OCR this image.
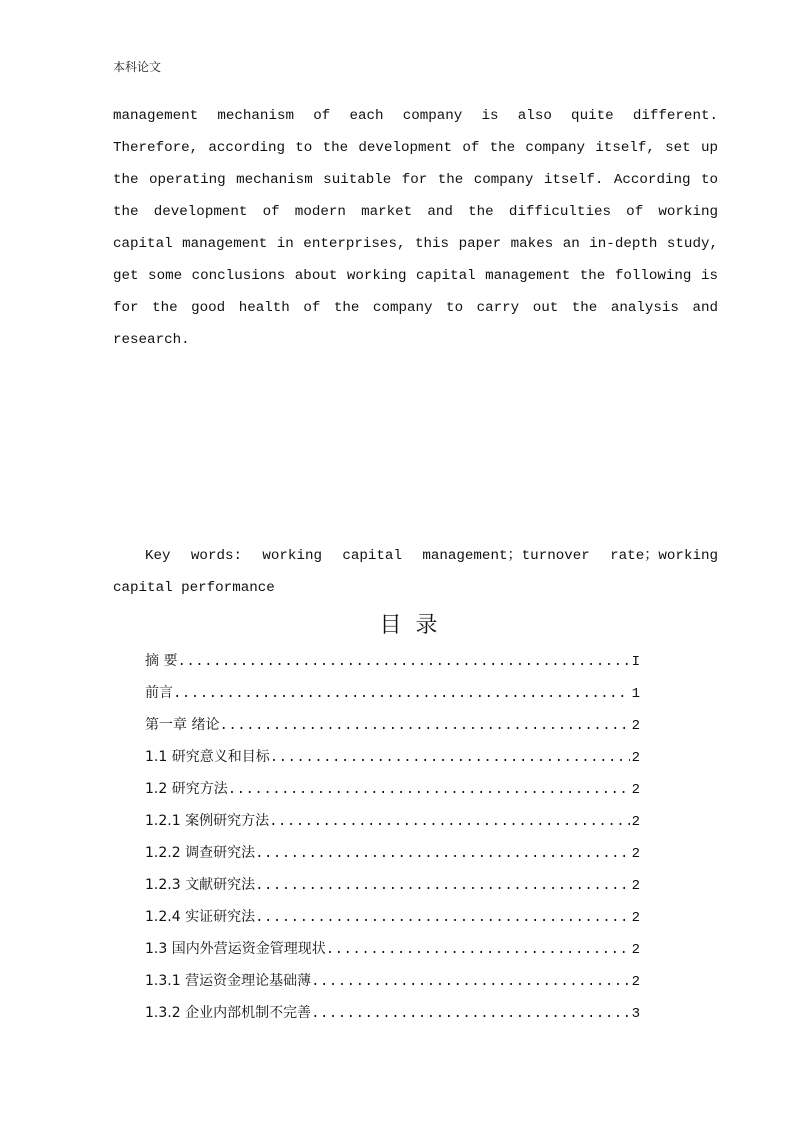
本科论文

management mechanism of each company is also quite different. Therefore, according to the development of the company itself, set up the operating mechanism suitable for the company itself. According to the development of modern market and the difficulties of working capital management in enterprises, this paper makes an in-depth study, get some conclusions about working capital management the following is for the good health of the company to carry out the analysis and research.

Key words: working capital management；turnover rate；working capital performance
目录
摘 要 .....	I
前言 .....	1
第一章 绪论 .....	2
1.1 研究意义和目标 .....	2
1.2 研究方法 .....	2
1.2.1 案例研究方法 .....	2
1.2.2 调查研究法 .....	2
1.2.3 文献研究法 .....	2
1.2.4 实证研究法 .....	2
1.3 国内外营运资金管理现状 .....	2
1.3.1 营运资金理论基础薄 .....	2
1.3.2 企业内部机制不完善 .....	3
